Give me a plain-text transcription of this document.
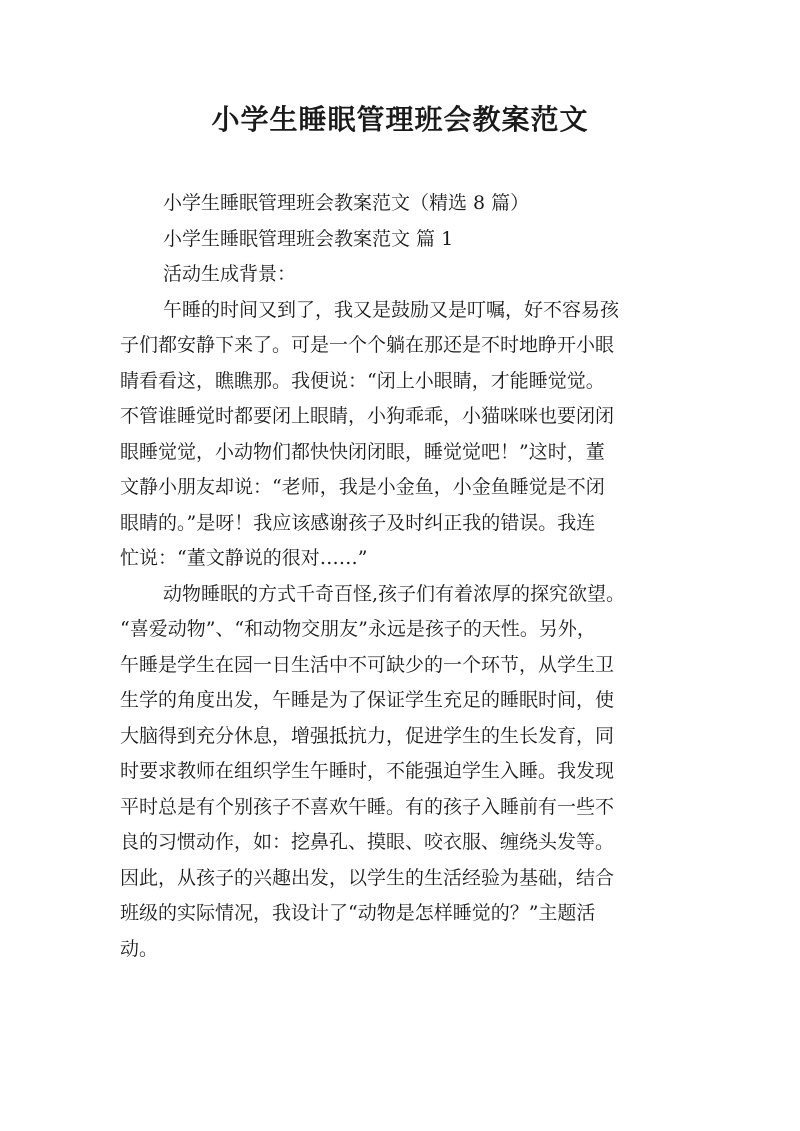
小学生睡眠管理班会教案范文
小学生睡眠管理班会教案范文（精选 8 篇）
小学生睡眠管理班会教案范文 篇 1
活动生成背景：
午睡的时间又到了，我又是鼓励又是叮嘱，好不容易孩
子们都安静下来了。可是一个个躺在那还是不时地睁开小眼
睛看看这，瞧瞧那。我便说：“闭上小眼睛，才能睡觉觉。
不管谁睡觉时都要闭上眼睛，小狗乖乖，小猫咪咪也要闭闭
眼睡觉觉，小动物们都快快闭闭眼，睡觉觉吧！”这时，董
文静小朋友却说：“老师，我是小金鱼，小金鱼睡觉是不闭
眼睛的。”是呀！我应该感谢孩子及时纠正我的错误。我连
忙说：“董文静说的很对……”
动物睡眠的方式千奇百怪,孩子们有着浓厚的探究欲望。
“喜爱动物”、“和动物交朋友”永远是孩子的天性。另外，
午睡是学生在园一日生活中不可缺少的一个环节，从学生卫
生学的角度出发，午睡是为了保证学生充足的睡眠时间，使
大脑得到充分休息，增强抵抗力，促进学生的生长发育，同
时要求教师在组织学生午睡时，不能强迫学生入睡。我发现
平时总是有个别孩子不喜欢午睡。有的孩子入睡前有一些不
良的习惯动作，如：挖鼻孔、摸眼、咬衣服、缠绕头发等。
因此，从孩子的兴趣出发，以学生的生活经验为基础，结合
班级的实际情况，我设计了“动物是怎样睡觉的？”主题活
动。
